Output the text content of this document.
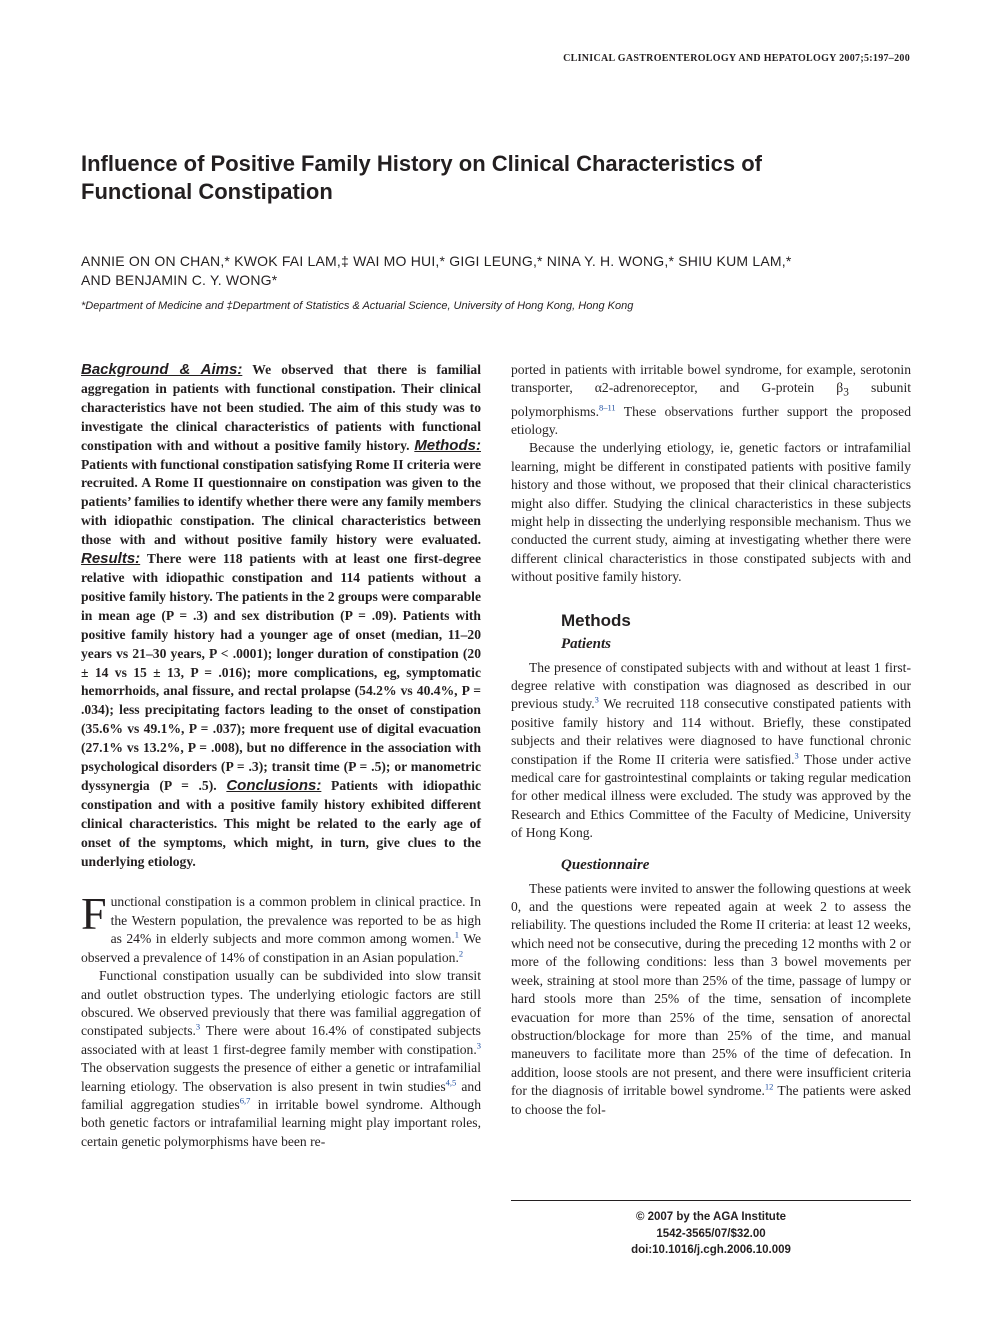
CLINICAL GASTROENTEROLOGY AND HEPATOLOGY 2007;5:197–200
Influence of Positive Family History on Clinical Characteristics of Functional Constipation
ANNIE ON ON CHAN,* KWOK FAI LAM,‡ WAI MO HUI,* GIGI LEUNG,* NINA Y. H. WONG,* SHIU KUM LAM,*
AND BENJAMIN C. Y. WONG*
*Department of Medicine and ‡Department of Statistics & Actuarial Science, University of Hong Kong, Hong Kong

Background & Aims: We observed that there is familial aggregation in patients with functional constipation. Their clinical characteristics have not been studied. The aim of this study was to investigate the clinical characteristics of patients with functional constipation with and without a positive family history. Methods: Patients with functional constipation satisfying Rome II criteria were recruited. A Rome II questionnaire on constipation was given to the patients’ families to identify whether there were any family members with idiopathic constipation. The clinical characteristics between those with and without positive family history were evaluated. Results: There were 118 patients with at least one first-degree relative with idiopathic constipation and 114 patients without a positive family history. The patients in the 2 groups were comparable in mean age (P = .3) and sex distribution (P = .09). Patients with positive family history had a younger age of onset (median, 11–20 years vs 21–30 years, P < .0001); longer duration of constipation (20 ± 14 vs 15 ± 13, P = .016); more complications, eg, symptomatic hemorrhoids, anal fissure, and rectal prolapse (54.2% vs 40.4%, P = .034); less precipitating factors leading to the onset of constipation (35.6% vs 49.1%, P = .037); more frequent use of digital evacuation (27.1% vs 13.2%, P = .008), but no difference in the association with psychological disorders (P = .3); transit time (P = .5); or manometric dyssynergia (P = .5). Conclusions: Patients with idiopathic constipation and with a positive family history exhibited different clinical characteristics. This might be related to the early age of onset of the symptoms, which might, in turn, give clues to the underlying etiology.

Functional constipation is a common problem in clinical practice. In the Western population, the prevalence was reported to be as high as 24% in elderly subjects and more common among women.$^1$ We observed a prevalence of 14% of constipation in an Asian population.$^2$

Functional constipation usually can be subdivided into slow transit and outlet obstruction types. The underlying etiologic factors are still obscured. We observed previously that there was familial aggregation of constipated subjects.$^3$ There were about 16.4% of constipated subjects associated with at least 1 first-degree family member with constipation.$^3$ The observation suggests the presence of either a genetic or intrafamilial learning etiology. The observation is also present in twin studies$^{4,5}$ and familial aggregation studies$^{6,7}$ in irritable bowel syndrome. Although both genetic factors or intrafamilial learning might play important roles, certain genetic polymorphisms have been re-

ported in patients with irritable bowel syndrome, for example, serotonin transporter, α2-adrenoreceptor, and G-protein $\beta_3$ subunit polymorphisms.$^{8-11}$ These observations further support the proposed etiology.

Because the underlying etiology, ie, genetic factors or intrafamilial learning, might be different in constipated patients with positive family history and those without, we proposed that their clinical characteristics might also differ. Studying the clinical characteristics in these subjects might help in dissecting the underlying responsible mechanism. Thus we conducted the current study, aiming at investigating whether there were different clinical characteristics in those constipated subjects with and without positive family history.

Methods
Patients

The presence of constipated subjects with and without at least 1 first-degree relative with constipation was diagnosed as described in our previous study.$^3$ We recruited 118 consecutive constipated patients with positive family history and 114 without. Briefly, these constipated subjects and their relatives were diagnosed to have functional chronic constipation if the Rome II criteria were satisfied.$^3$ Those under active medical care for gastrointestinal complaints or taking regular medication for other medical illness were excluded. The study was approved by the Research and Ethics Committee of the Faculty of Medicine, University of Hong Kong.

Questionnaire

These patients were invited to answer the following questions at week 0, and the questions were repeated again at week 2 to assess the reliability. The questions included the Rome II criteria: at least 12 weeks, which need not be consecutive, during the preceding 12 months with 2 or more of the following conditions: less than 3 bowel movements per week, straining at stool more than 25% of the time, passage of lumpy or hard stools more than 25% of the time, sensation of incomplete evacuation for more than 25% of the time, sensation of anorectal obstruction/blockage for more than 25% of the time, and manual maneuvers to facilitate more than 25% of the time of defecation. In addition, loose stools are not present, and there were insufficient criteria for the diagnosis of irritable bowel syndrome.$^{12}$ The patients were asked to choose the fol-

© 2007 by the AGA Institute
1542-3565/07/$32.00
doi:10.1016/j.cgh.2006.10.009
